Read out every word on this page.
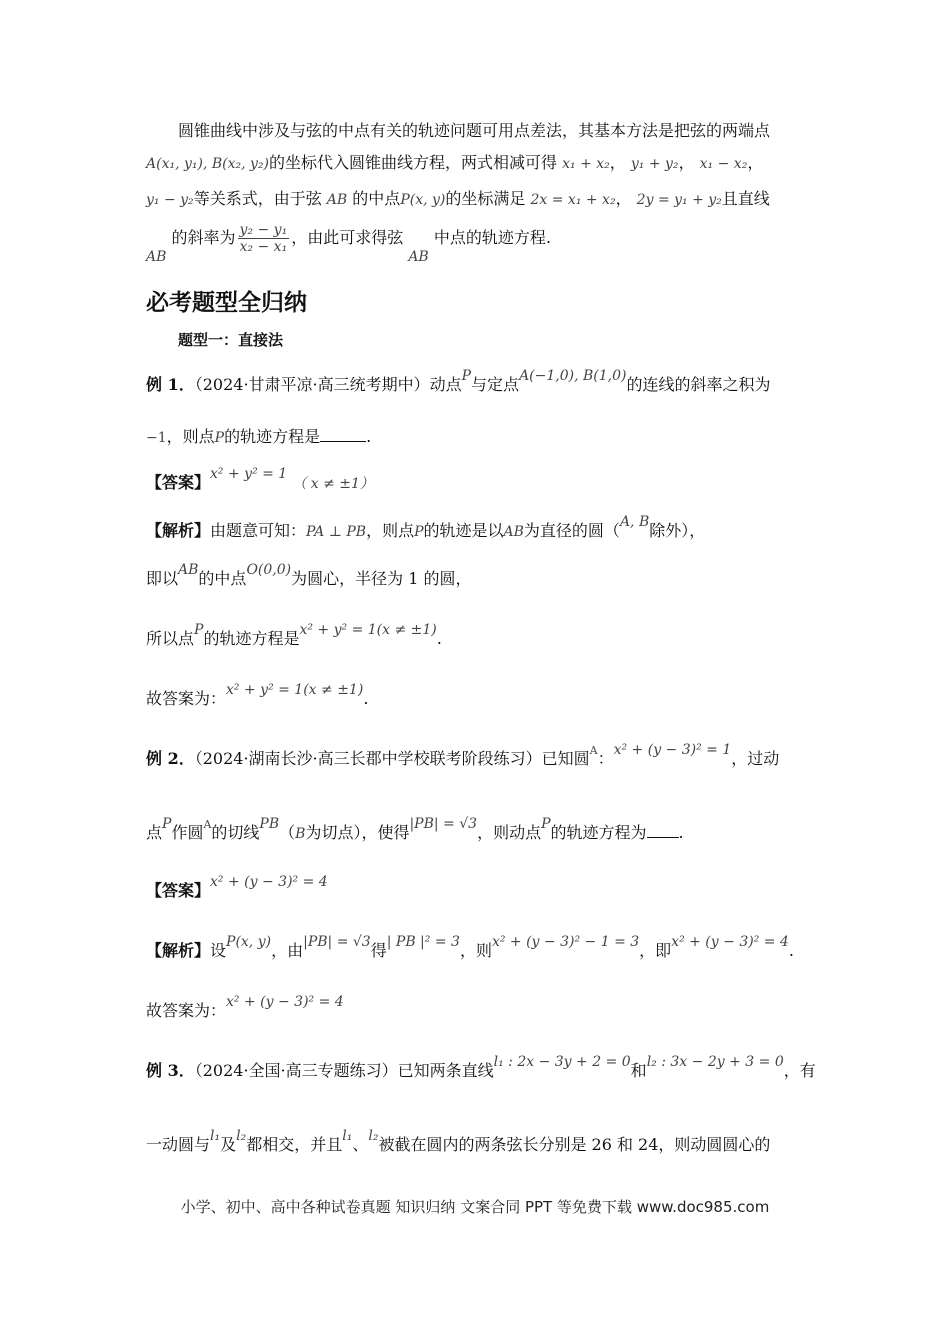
圆锥曲线中涉及与弦的中点有关的轨迹问题可用点差法，其基本方法是把弦的两端点
A(x₁, y₁), B(x₂, y₂)的坐标代入圆锥曲线方程，两式相减可得 x₁ + x₂， y₁ + y₂， x₁ − x₂，
y₁ − y₂等关系式，由于弦 AB 的中点P(x, y)的坐标满足 2x = x₁ + x₂， 2y = y₁ + y₂且直线
AB 的斜率为 $\frac{\text{y₂ − y₁}}{\text{x₂ − x₁}}$ ，由此可求得弦 AB 中点的轨迹方程.
必考题型全归纳
题型一：直接法
例 1．（2024·甘肃平凉·高三统考期中）动点P与定点A(−1,0), B(1,0)的连线的斜率之积为
−1，则点P的轨迹方程是	.
【答案】x² + y² = 1 （ x ≠ ±1）
【解析】由题意可知：PA ⊥ PB，则点P的轨迹是以AB为直径的圆（A, B除外），
即以AB的中点O(0,0)为圆心，半径为 1 的圆，
所以点P的轨迹方程是x² + y² = 1(x ≠ ±1).
故答案为：x² + y² = 1(x ≠ ±1).
例 2．（2024·湖南长沙·高三长郡中学校联考阶段练习）已知圆$^A$：x² + (y − 3)² = 1，过动
点P作圆$^A$的切线PB（B为切点），使得|PB| = √3，则动点P的轨迹方程为 .
【答案】x² + (y − 3)² = 4
【解析】设P(x, y)，由|PB| = √3得| PB |² = 3，则x² + (y − 3)² − 1 = 3，即x² + (y − 3)² = 4.
故答案为：x² + (y − 3)² = 4
例 3．（2024·全国·高三专题练习）已知两条直线l₁ : 2x − 3y + 2 = 0和l₂ : 3x − 2y + 3 = 0，有
一动圆与l₁及l₂都相交，并且l₁、l₂被截在圆内的两条弦长分别是 26 和 24，则动圆圆心的
小学、初中、高中各种试卷真题 知识归纳 文案合同 PPT 等免费下载 www.doc985.com
